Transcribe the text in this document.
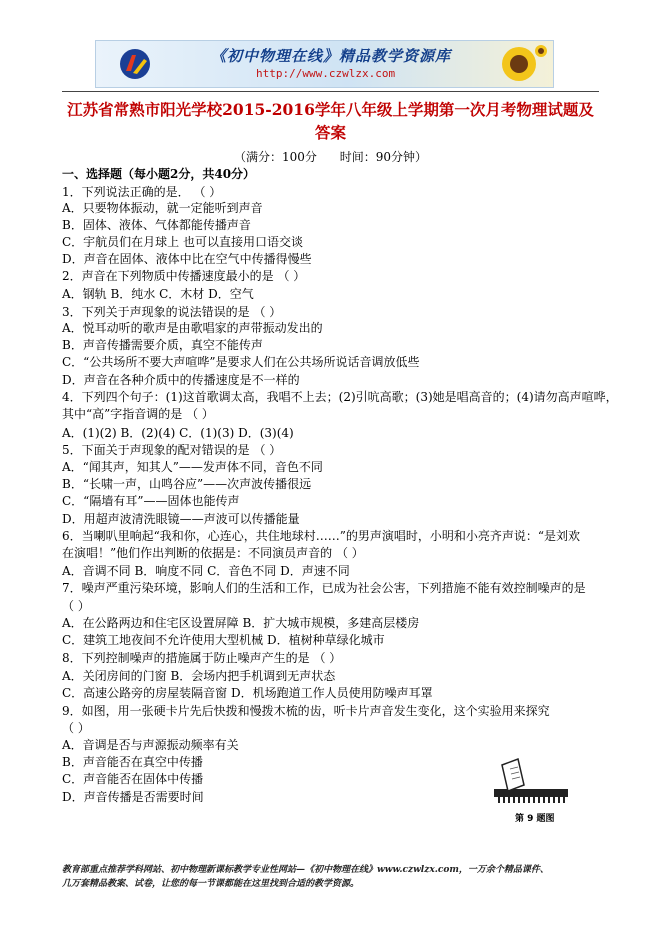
《初中物理在线》精品教学资源库
http://www.czwlzx.com
江苏省常熟市阳光学校2015-2016学年八年级上学期第一次月考物理试题及
答案
（满分：100分      时间：90分钟）
一、选择题（每小题2分，共40分）
1．下列说法正确的是． （ ）
A．只要物体振动，就一定能听到声音
B．固体、液体、气体都能传播声音
C．宇航员们在月球上 也可以直接用口语交谈
D．声音在固体、液体中比在空气中传播得慢些
2．声音在下列物质中传播速度最小的是 （ ）
A．钢轨 B．纯水 C．木材 D．空气
3．下列关于声现象的说法错误的是 （ ）
A．悦耳动听的歌声是由歌唱家的声带振动发出的
B．声音传播需要介质，真空不能传声
C．“公共场所不要大声喧哗”是要求人们在公共场所说话音调放低些
D．声音在各种介质中的传播速度是不一样的
4．下列四个句子：(1)这首歌调太高，我唱不上去；(2)引吭高歌；(3)她是唱高音的；(4)请勿高声喧哗，
其中“高”字指音调的是 （ ）
A．(1)(2) B．(2)(4) C．(1)(3) D．(3)(4)
5．下面关于声现象的配对错误的是 （ ）
A．“闻其声，知其人”——发声体不同，音色不同
B．“长啸一声，山鸣谷应”——次声波传播很远
C．“隔墙有耳”——固体也能传声
D．用超声波清洗眼镜——声波可以传播能量
6．当喇叭里响起“我和你，心连心，共住地球村……”的男声演唱时，小明和小亮齐声说：“是刘欢
在演唱！”他们作出判断的依据是：不同演员声音的 （ ）
A．音调不同 B．响度不同 C．音色不同 D．声速不同
7．噪声严重污染环境，影响人们的生活和工作，已成为社会公害，下列措施不能有效控制噪声的是
（ ）
A．在公路两边和住宅区设置屏障 B．扩大城市规模，多建高层楼房
C．建筑工地夜间不允许使用大型机械 D．植树种草绿化城市
8．下列控制噪声的措施属于防止噪声产生的是 （ ）
A．关闭房间的门窗 B．会场内把手机调到无声状态
C．高速公路旁的房屋装隔音窗 D．机场跑道工作人员使用防噪声耳罩
9．如图，用一张硬卡片先后快拨和慢拨木梳的齿，听卡片声音发生变化，这个实验用来探究
（ ）
A．音调是否与声源振动频率有关
B．声音能否在真空中传播
C．声音能否在固体中传播
D．声音传播是否需要时间
第 9 题图
教育部重点推荐学科网站、初中物理新课标教学专业性网站—《初中物理在线》www.czwlzx.com，一万余个精品课件、
几万套精品教案、试卷，让您的每一节课都能在这里找到合适的教学资源。
